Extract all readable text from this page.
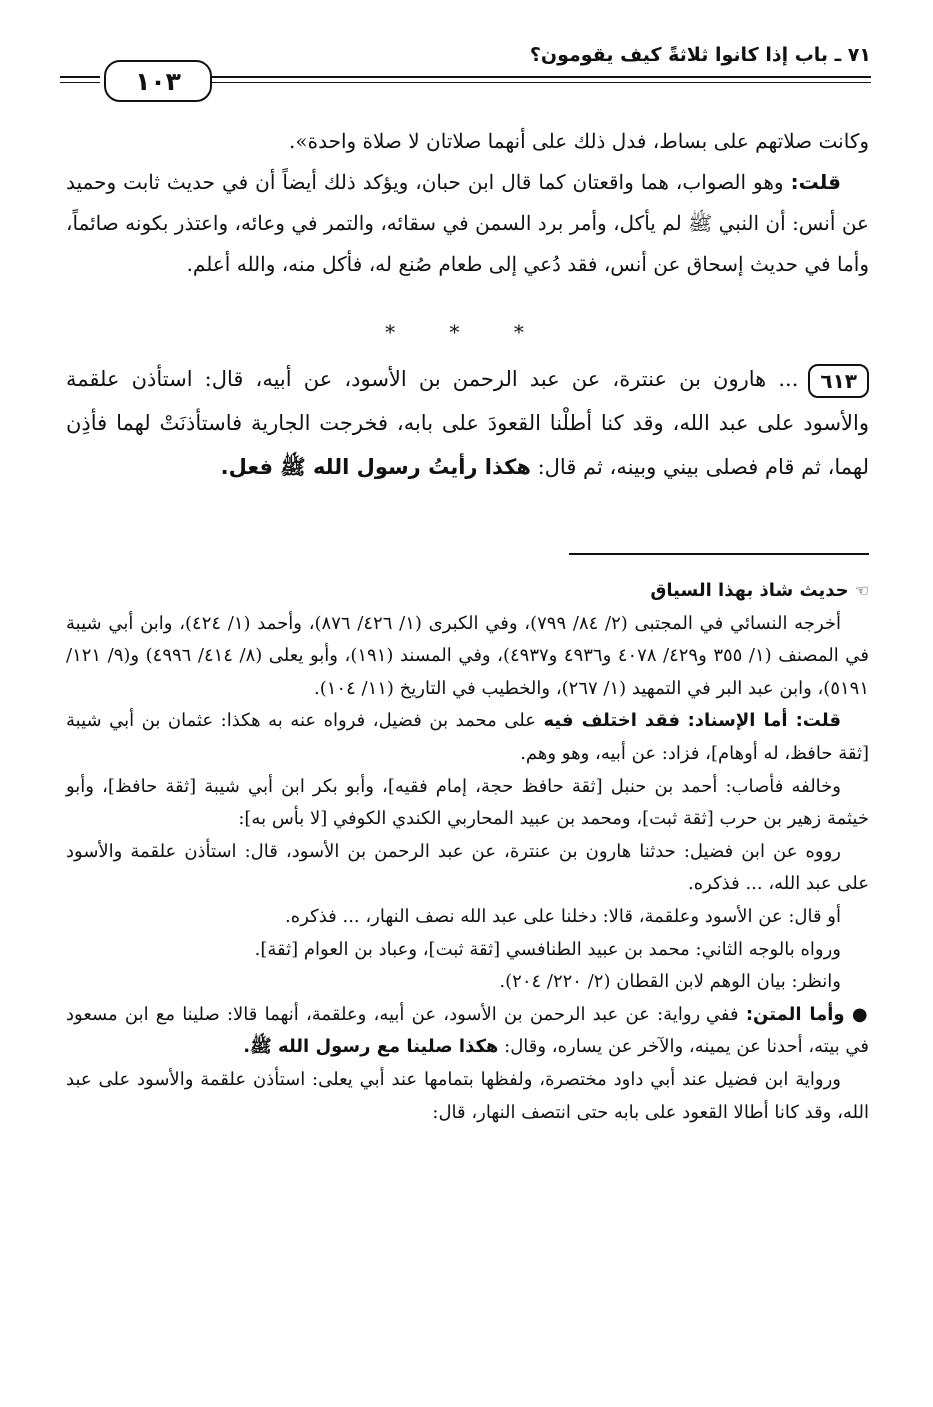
٧١ ـ باب إذا كانوا ثلاثةً كيف يقومون؟
١٠٣

وكانت صلاتهم على بساط، فدل ذلك على أنهما صلاتان لا صلاة واحدة».

قلت: وهو الصواب، هما واقعتان كما قال ابن حبان، ويؤكد ذلك أيضاً أن في حديث ثابت وحميد عن أنس: أن النبي ﷺ لم يأكل، وأمر برد السمن في سقائه، والتمر في وعائه، واعتذر بكونه صائماً، وأما في حديث إسحاق عن أنس، فقد دُعي إلى طعام صُنع له، فأكل منه، والله أعلم.

* * *

٦١٣... هارون بن عنترة، عن عبد الرحمن بن الأسود، عن أبيه، قال: استأذن علقمة والأسود على عبد الله، وقد كنا أطلْنا القعودَ على بابه، فخرجت الجارية فاستأذنَتْ لهما فأذِن لهما، ثم قام فصلى بيني وبينه، ثم قال: هكذا رأيتُ رسول الله ﷺ فعل.

☜حديث شاذ بهذا السياق

أخرجه النسائي في المجتبى (٢/ ٨٤/ ٧٩٩)، وفي الكبرى (١/ ٤٢٦/ ٨٧٦)، وأحمد (١/ ٤٢٤)، وابن أبي شيبة في المصنف (١/ ٣٥٥ و٤٢٩/ ٤٠٧٨ و٤٩٣٦ و٤٩٣٧)، وفي المسند (١٩١)، وأبو يعلى (٨/ ٤١٤/ ٤٩٩٦) و(٩/ ١٢١/ ٥١٩١)، وابن عبد البر في التمهيد (١/ ٢٦٧)، والخطيب في التاريخ (١١/ ١٠٤).

قلت: أما الإسناد: فقد اختلف فيه على محمد بن فضيل، فرواه عنه به هكذا: عثمان بن أبي شيبة [ثقة حافظ، له أوهام]، فزاد: عن أبيه، وهو وهم.

وخالفه فأصاب: أحمد بن حنبل [ثقة حافظ حجة، إمام فقيه]، وأبو بكر ابن أبي شيبة [ثقة حافظ]، وأبو خيثمة زهير بن حرب [ثقة ثبت]، ومحمد بن عبيد المحاربي الكندي الكوفي [لا بأس به]:

رووه عن ابن فضيل: حدثنا هارون بن عنترة، عن عبد الرحمن بن الأسود، قال: استأذن علقمة والأسود على عبد الله، ... فذكره.

أو قال: عن الأسود وعلقمة، قالا: دخلنا على عبد الله نصف النهار، ... فذكره.

ورواه بالوجه الثاني: محمد بن عبيد الطنافسي [ثقة ثبت]، وعباد بن العوام [ثقة].

وانظر: بيان الوهم لابن القطان (٢/ ٢٢٠/ ٢٠٤).

● وأما المتن: ففي رواية: عن عبد الرحمن بن الأسود، عن أبيه، وعلقمة، أنهما قالا: صلينا مع ابن مسعود في بيته، أحدنا عن يمينه، والآخر عن يساره، وقال: هكذا صلينا مع رسول الله ﷺ.

ورواية ابن فضيل عند أبي داود مختصرة، ولفظها بتمامها عند أبي يعلى: استأذن علقمة والأسود على عبد الله، وقد كانا أطالا القعود على بابه حتى انتصف النهار، قال:
